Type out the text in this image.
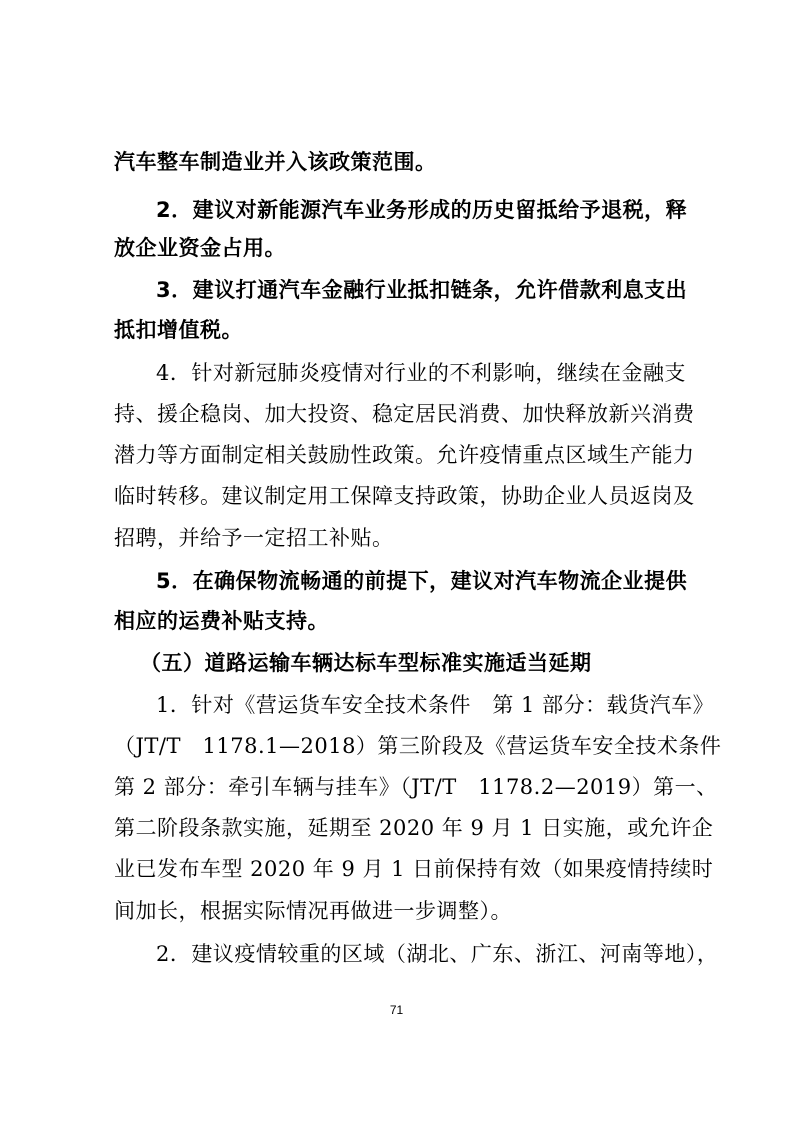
汽车整车制造业并入该政策范围。
2．建议对新能源汽车业务形成的历史留抵给予退税，释
放企业资金占用。
3．建议打通汽车金融行业抵扣链条，允许借款利息支出
抵扣增值税。
4．针对新冠肺炎疫情对行业的不利影响，继续在金融支
持、援企稳岗、加大投资、稳定居民消费、加快释放新兴消费
潜力等方面制定相关鼓励性政策。允许疫情重点区域生产能力
临时转移。建议制定用工保障支持政策，协助企业人员返岗及
招聘，并给予一定招工补贴。
5．在确保物流畅通的前提下，建议对汽车物流企业提供
相应的运费补贴支持。
（五）道路运输车辆达标车型标准实施适当延期
1．针对《营运货车安全技术条件　第 1 部分：载货汽车》
（JT/T　1178.1—2018）第三阶段及《营运货车安全技术条件
第 2 部分：牵引车辆与挂车》（JT/T　1178.2—2019）第一、
第二阶段条款实施，延期至 2020 年 9 月 1 日实施，或允许企
业已发布车型 2020 年 9 月 1 日前保持有效（如果疫情持续时
间加长，根据实际情况再做进一步调整）。
2．建议疫情较重的区域（湖北、广东、浙江、河南等地），
71
